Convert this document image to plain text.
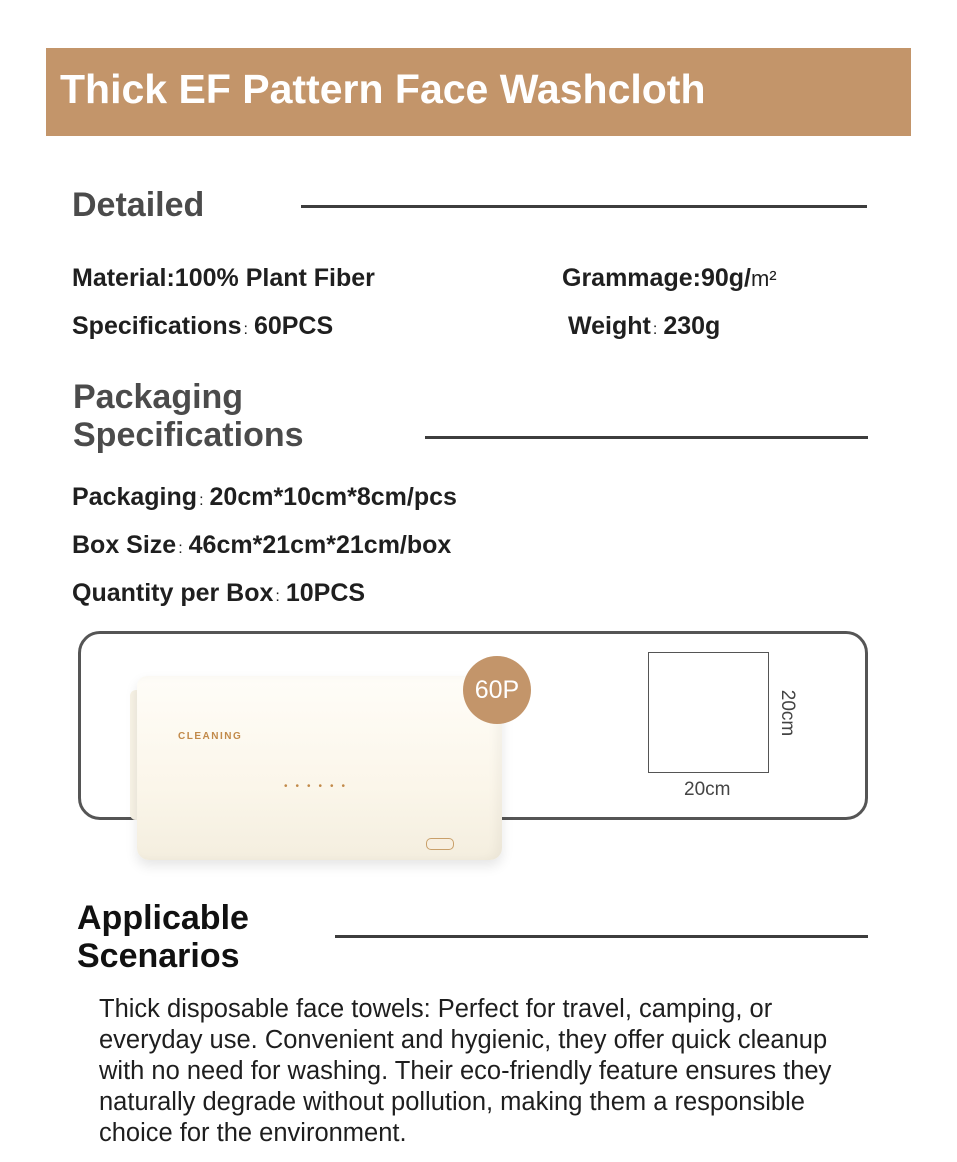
Thick EF Pattern Face Washcloth
Detailed
Material:100% Plant Fiber	Grammage:90g/m²
Specifications : 60PCS	Weight : 230g
Packaging
Specifications
Packaging : 20cm*10cm*8cm/pcs
Box Size : 46cm*21cm*21cm/box
Quantity per Box : 10PCS
CLEANING
••••••
60P
20cm
20cm
Applicable
Scenarios
Thick disposable face towels: Perfect for travel, camping, or everyday use. Convenient and hygienic, they offer quick cleanup with no need for washing. Their eco-friendly feature ensures they naturally degrade without pollution, making them a responsible choice for the environment.
